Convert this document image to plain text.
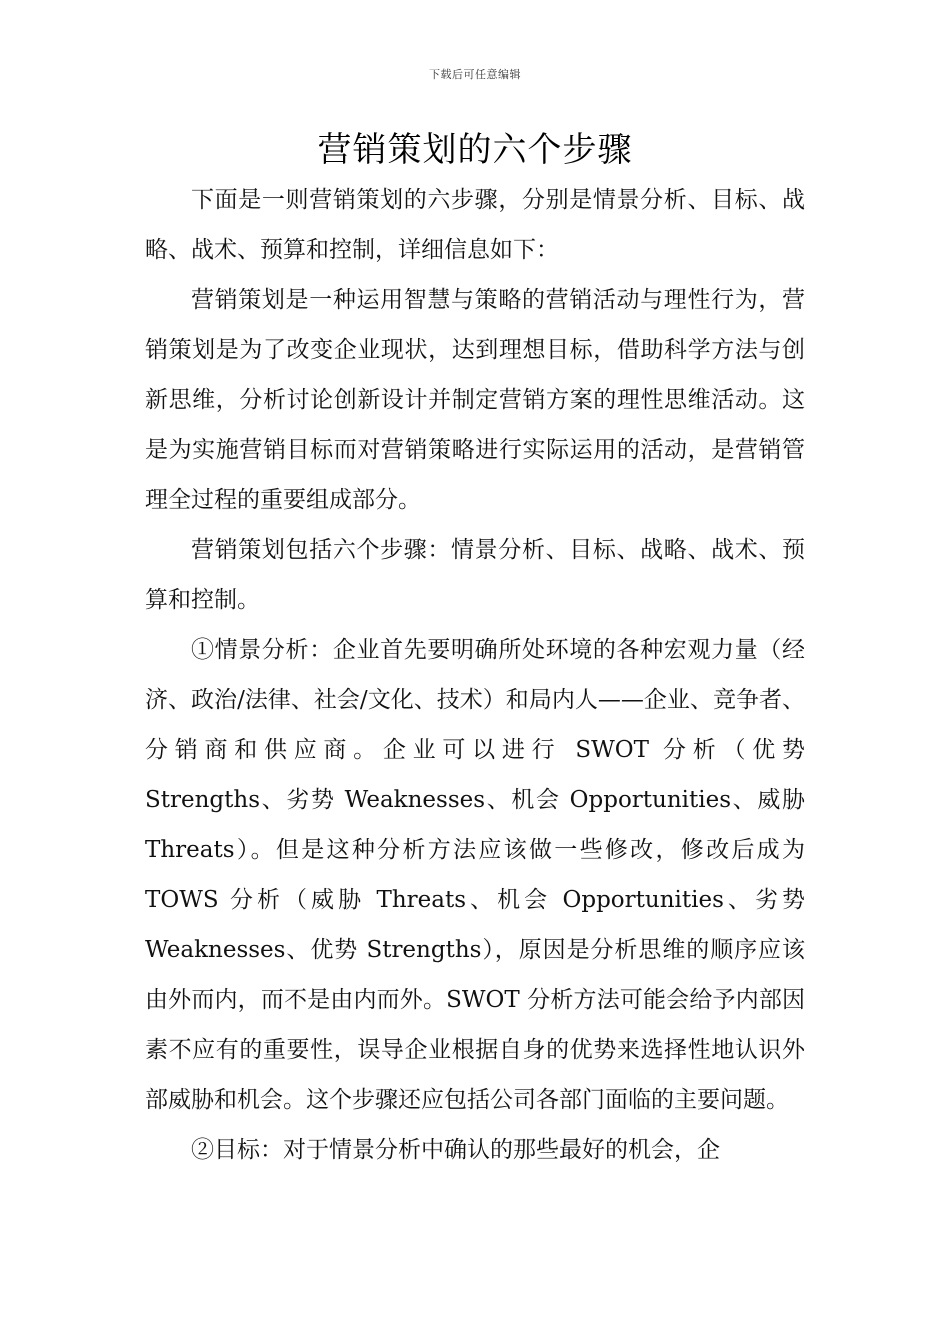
下载后可任意编辑
营销策划的六个步骤

下面是一则营销策划的六步骤，分别是情景分析、目标、战略、战术、预算和控制，详细信息如下：

营销策划是一种运用智慧与策略的营销活动与理性行为，营销策划是为了改变企业现状，达到理想目标，借助科学方法与创新思维，分析讨论创新设计并制定营销方案的理性思维活动。这是为实施营销目标而对营销策略进行实际运用的活动，是营销管理全过程的重要组成部分。

营销策划包括六个步骤：情景分析、目标、战略、战术、预算和控制。

①情景分析：企业首先要明确所处环境的各种宏观力量（经济、政治/法律、社会/文化、技术）和局内人——企业、竞争者、分销商和供应商。企业可以进行 SWOT 分析（优势 Strengths、劣势 Weaknesses、机会 Opportunities、威胁 Threats）。但是这种分析方法应该做一些修改，修改后成为 TOWS 分析（威胁 Threats、机会 Opportunities、劣势 Weaknesses、优势 Strengths），原因是分析思维的顺序应该由外而内，而不是由内而外。SWOT 分析方法可能会给予内部因素不应有的重要性，误导企业根据自身的优势来选择性地认识外部威胁和机会。这个步骤还应包括公司各部门面临的主要问题。

②目标：对于情景分析中确认的那些最好的机会，企
